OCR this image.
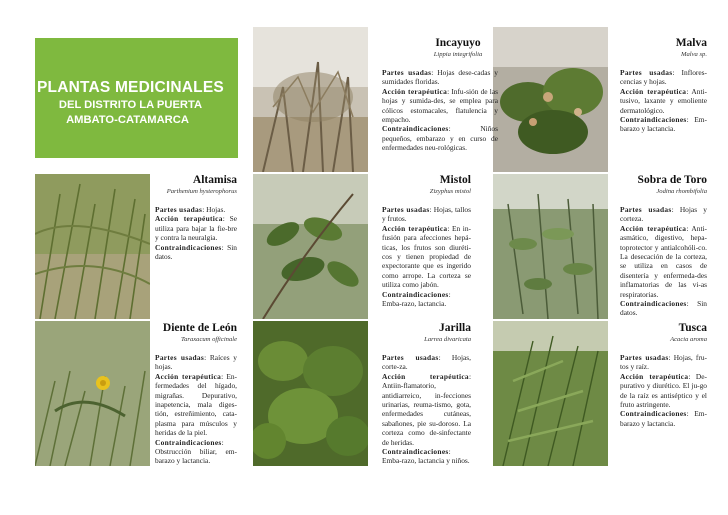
PLANTAS MEDICINALES
DEL DISTRITO LA PUERTA
AMBATO-CATAMARCA
Incayuyo
Lippia integrifolia

Partes usadas: Hojas dese-cadas y sumidades floridas.

Acción terapéutica: Infu-sión de las hojas y sumida-des, se emplea para cólicos estomacales, flatulencia y empacho.

Contraindicaciones: Niños pequeños, embarazo y en curso de enfermedades neu-rológicas.

Malva
Malva sp.

Partes usadas: Inflores-cencias y hojas.

Acción terapéutica: Anti-tusivo, laxante y emoliente dermatológico.

Contraindicaciones: Em-barazo y lactancia.

Altamisa
Parthenium hysterophorus

Partes usadas: Hojas.

Acción terapéutica: Se utiliza para bajar la fie-bre y contra la neuralgia.

Contraindicaciones: Sin datos.

Mistol
Zizyphus mistol

Partes usadas: Hojas, tallos y frutos.

Acción terapéutica: En in-fusión para afecciones hepá-ticas, los frutos son diuréti-cos y tienen propiedad de expectorante que es ingerido como arrope. La corteza se utiliza como jabón.

Contraindicaciones: Emba-razo, lactancia.

Sobra de Toro
Jodina rhombifolia

Partes usadas: Hojas y corteza.

Acción terapéutica: Anti-asmático, digestivo, hepa-toprotector y antialcohóli-co. La desecación de la corteza, se utiliza en casos de disentería y enfermeda-des inflamatorias de las vi-as respiratorias.

Contraindicaciones: Sin datos.

Diente de León
Taraxacum officinale

Partes usadas: Raíces y hojas.

Acción terapéutica: En-fermedades del hígado, migrañas. Depurativo, inapetencia, mala diges-tión, estreñimiento, cata-plasma para músculos y heridas de la piel.

Contraindicaciones: Obstrucción biliar, em-barazo y lactancia.

Jarilla
Larrea divaricata

Partes usadas: Hojas, corte-za.

Acción terapéutica: Antiin-flamatorio, antidiarreico, in-fecciones urinarias, reuma-tismo, gota, enfermedades cutáneas, sabañones, pie su-doroso. La corteza como de-sinfectante de heridas.

Contraindicaciones: Emba-razo, lactancia y niños.

Tusca
Acacia aroma

Partes usadas: Hojas, fru-tos y raíz.

Acción terapéutica: De-purativo y diurético. El ju-go de la raíz es antiséptico y el fruto astringente.

Contraindicaciones: Em-barazo y lactancia.
